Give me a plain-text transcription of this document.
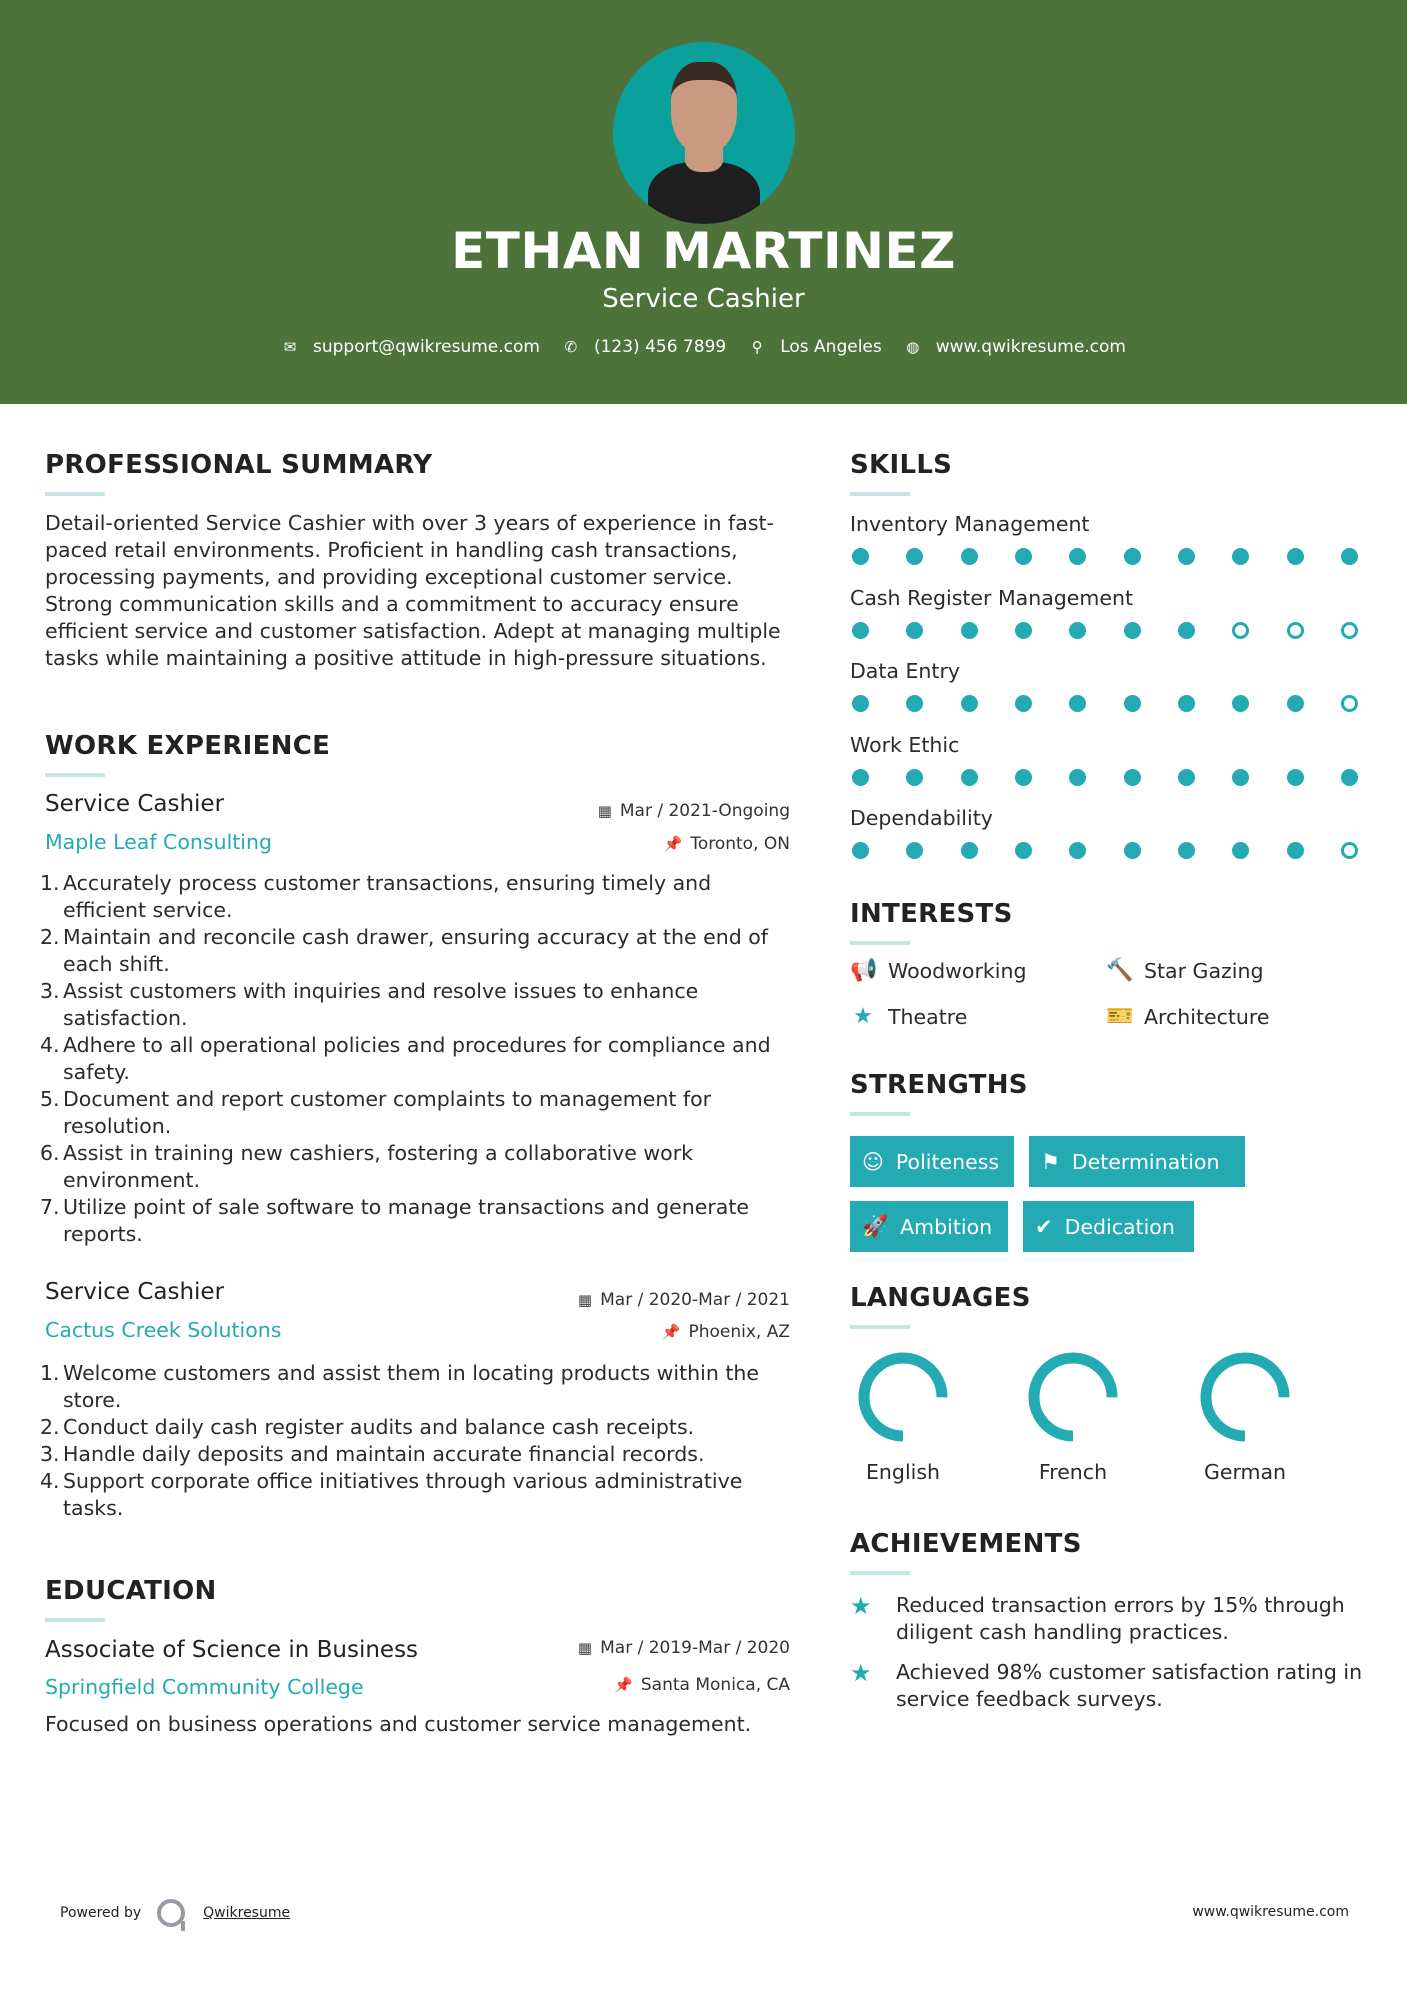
ETHAN MARTINEZ
Service Cashier
✉ support@qwikresume.com ✆ (123) 456 7899 ⚲ Los Angeles ◍ www.qwikresume.com
PROFESSIONAL SUMMARY
Detail-oriented Service Cashier with over 3 years of experience in fast-paced retail environments. Proficient in handling cash transactions, processing payments, and providing exceptional customer service. Strong communication skills and a commitment to accuracy ensure efficient service and customer satisfaction. Adept at managing multiple tasks while maintaining a positive attitude in high-pressure situations.
WORK EXPERIENCE
Service Cashier	▦ Mar / 2021-Ongoing
Maple Leaf Consulting	📌 Toronto, ON
1. Accurately process customer transactions, ensuring timely and efficient service.
2. Maintain and reconcile cash drawer, ensuring accuracy at the end of each shift.
3. Assist customers with inquiries and resolve issues to enhance satisfaction.
4. Adhere to all operational policies and procedures for compliance and safety.
5. Document and report customer complaints to management for resolution.
6. Assist in training new cashiers, fostering a collaborative work environment.
7. Utilize point of sale software to manage transactions and generate reports.
Service Cashier	▦ Mar / 2020-Mar / 2021
Cactus Creek Solutions	📌 Phoenix, AZ
1. Welcome customers and assist them in locating products within the store.
2. Conduct daily cash register audits and balance cash receipts.
3. Handle daily deposits and maintain accurate financial records.
4. Support corporate office initiatives through various administrative tasks.
EDUCATION
Associate of Science in Business	▦ Mar / 2019-Mar / 2020
Springfield Community College	📌 Santa Monica, CA
Focused on business operations and customer service management.
SKILLS
Inventory Management
Cash Register Management
Data Entry
Work Ethic
Dependability
INTERESTS
📢 Woodworking	🔨 Star Gazing
★ Theatre	🎫 Architecture
STRENGTHS
☺ Politeness ⚑ Determination
🚀 Ambition ✔ Dedication
LANGUAGES
English	French	German
ACHIEVEMENTS
★	Reduced transaction errors by 15% through diligent cash handling practices.
★	Achieved 98% customer satisfaction rating in service feedback surveys.
Powered by	Qwikresume	www.qwikresume.com
